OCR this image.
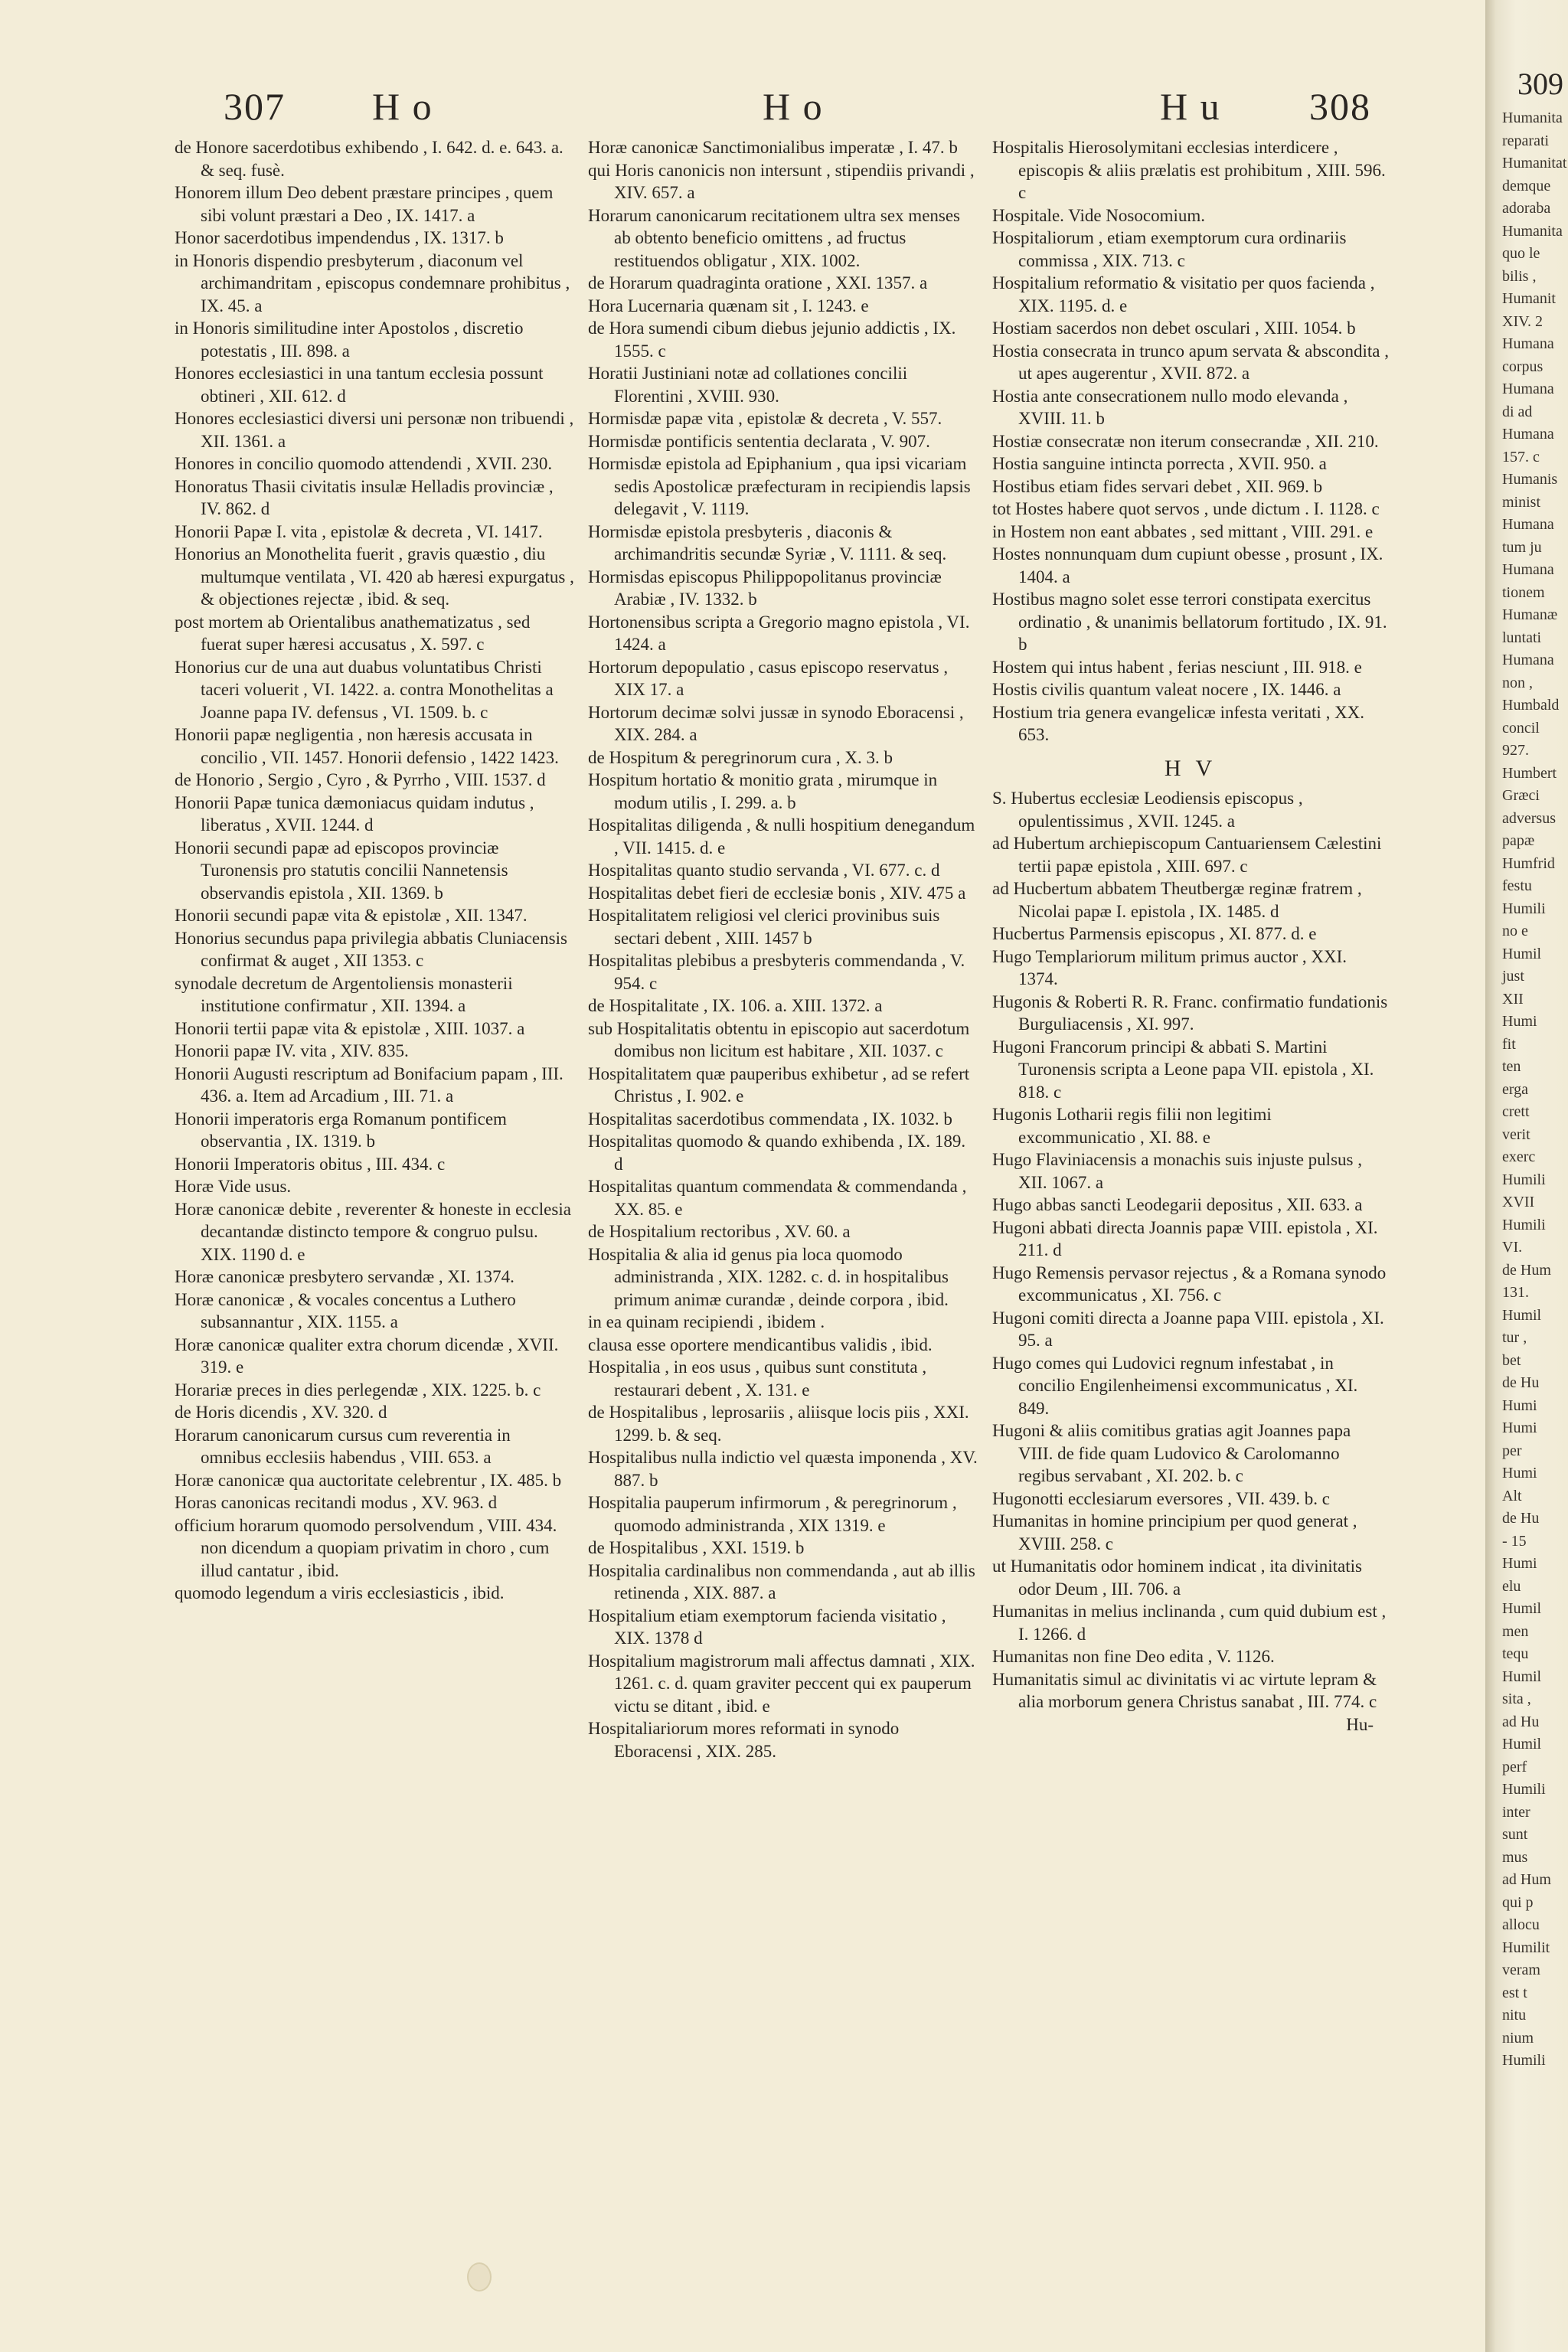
307 H o	H o	H u 308
de Honore sacerdotibus exhibendo , I. 642. d. e. 643. a. & seq. fusè.
Honorem illum Deo debent præstare principes , quem sibi volunt præstari a Deo , IX. 1417. a
Honor sacerdotibus impendendus , IX. 1317. b
in Honoris dispendio presbyterum , diaconum vel archimandritam , episcopus condemnare prohibitus , IX. 45. a
in Honoris similitudine inter Apostolos , discretio potestatis , III. 898. a
Honores ecclesiastici in una tantum ecclesia possunt obtineri , XII. 612. d
Honores ecclesiastici diversi uni personæ non tribuendi , XII. 1361. a
Honores in concilio quomodo attendendi , XVII. 230.
Honoratus Thasii civitatis insulæ Helladis provinciæ , IV. 862. d
Honorii Papæ I. vita , epistolæ & decreta , VI. 1417.
Honorius an Monothelita fuerit , gravis quæstio , diu multumque ventilata , VI. 420 ab hæresi expurgatus , & objectiones rejectæ , ibid. & seq.
post mortem ab Orientalibus anathematizatus , sed fuerat super hæresi accusatus , X. 597. c
Honorius cur de una aut duabus voluntatibus Christi taceri voluerit , VI. 1422. a. contra Monothelitas a Joanne papa IV. defensus , VI. 1509. b. c
Honorii papæ negligentia , non hæresis accusata in concilio , VII. 1457. Honorii defensio , 1422 1423.
de Honorio , Sergio , Cyro , & Pyrrho , VIII. 1537. d
Honorii Papæ tunica dæmoniacus quidam indutus , liberatus , XVII. 1244. d
Honorii secundi papæ ad episcopos provinciæ Turonensis pro statutis concilii Nannetensis observandis epistola , XII. 1369. b
Honorii secundi papæ vita & epistolæ , XII. 1347.
Honorius secundus papa privilegia abbatis Cluniacensis confirmat & auget , XII 1353. c
synodale decretum de Argentoliensis monasterii institutione confirmatur , XII. 1394. a
Honorii tertii papæ vita & epistolæ , XIII. 1037. a
Honorii papæ IV. vita , XIV. 835.
Honorii Augusti rescriptum ad Bonifacium papam , III. 436. a. Item ad Arcadium , III. 71. a
Honorii imperatoris erga Romanum pontificem observantia , IX. 1319. b
Honorii Imperatoris obitus , III. 434. c
Horæ Vide usus.
Horæ canonicæ debite , reverenter & honeste in ecclesia decantandæ distincto tempore & congruo pulsu. XIX. 1190 d. e
Horæ canonicæ presbytero servandæ , XI. 1374.
Horæ canonicæ , & vocales concentus a Luthero subsannantur , XIX. 1155. a
Horæ canonicæ qualiter extra chorum dicendæ , XVII. 319. e
Horariæ preces in dies perlegendæ , XIX. 1225. b. c
de Horis dicendis , XV. 320. d
Horarum canonicarum cursus cum reverentia in omnibus ecclesiis habendus , VIII. 653. a
Horæ canonicæ qua auctoritate celebrentur , IX. 485. b
Horas canonicas recitandi modus , XV. 963. d
officium horarum quomodo persolvendum , VIII. 434. non dicendum a quopiam privatim in choro , cum illud cantatur , ibid.
quomodo legendum a viris ecclesiasticis , ibid.
Horæ canonicæ Sanctimonialibus imperatæ , I. 47. b
qui Horis canonicis non intersunt , stipendiis privandi , XIV. 657. a
Horarum canonicarum recitationem ultra sex menses ab obtento beneficio omittens , ad fructus restituendos obligatur , XIX. 1002.
de Horarum quadraginta oratione , XXI. 1357. a
Hora Lucernaria quænam sit , I. 1243. e
de Hora sumendi cibum diebus jejunio addictis , IX. 1555. c
Horatii Justiniani notæ ad collationes concilii Florentini , XVIII. 930.
Hormisdæ papæ vita , epistolæ & decreta , V. 557.
Hormisdæ pontificis sententia declarata , V. 907.
Hormisdæ epistola ad Epiphanium , qua ipsi vicariam sedis Apostolicæ præfecturam in recipiendis lapsis delegavit , V. 1119.
Hormisdæ epistola presbyteris , diaconis & archimandritis secundæ Syriæ , V. 1111. & seq.
Hormisdas episcopus Philippopolitanus provinciæ Arabiæ , IV. 1332. b
Hortonensibus scripta a Gregorio magno epistola , VI. 1424. a
Hortorum depopulatio , casus episcopo reservatus , XIX 17. a
Hortorum decimæ solvi jussæ in synodo Eboracensi , XIX. 284. a
de Hospitum & peregrinorum cura , X. 3. b
Hospitum hortatio & monitio grata , mirumque in modum utilis , I. 299. a. b
Hospitalitas diligenda , & nulli hospitium denegandum , VII. 1415. d. e
Hospitalitas quanto studio servanda , VI. 677. c. d
Hospitalitas debet fieri de ecclesiæ bonis , XIV. 475 a
Hospitalitatem religiosi vel clerici provinibus suis sectari debent , XIII. 1457 b
Hospitalitas plebibus a presbyteris commendanda , V. 954. c
de Hospitalitate , IX. 106. a. XIII. 1372. a
sub Hospitalitatis obtentu in episcopio aut sacerdotum domibus non licitum est habitare , XII. 1037. c
Hospitalitatem quæ pauperibus exhibetur , ad se refert Christus , I. 902. e
Hospitalitas sacerdotibus commendata , IX. 1032. b
Hospitalitas quomodo & quando exhibenda , IX. 189. d
Hospitalitas quantum commendata & commendanda , XX. 85. e
de Hospitalium rectoribus , XV. 60. a
Hospitalia & alia id genus pia loca quomodo administranda , XIX. 1282. c. d. in hospitalibus primum animæ curandæ , deinde corpora , ibid.
in ea quinam recipiendi , ibidem .
clausa esse oportere mendicantibus validis , ibid.
Hospitalia , in eos usus , quibus sunt constituta , restaurari debent , X. 131. e
de Hospitalibus , leprosariis , aliisque locis piis , XXI. 1299. b. & seq.
Hospitalibus nulla indictio vel quæsta imponenda , XV. 887. b
Hospitalia pauperum infirmorum , & peregrinorum , quomodo administranda , XIX 1319. e
de Hospitalibus , XXI. 1519. b
Hospitalia cardinalibus non commendanda , aut ab illis retinenda , XIX. 887. a
Hospitalium etiam exemptorum facienda visitatio , XIX. 1378 d
Hospitalium magistrorum mali affectus damnati , XIX. 1261. c. d. quam graviter peccent qui ex pauperum victu se ditant , ibid. e
Hospitaliariorum mores reformati in synodo Eboracensi , XIX. 285.
Hospitalis Hierosolymitani ecclesias interdicere , episcopis & aliis prælatis est prohibitum , XIII. 596. c
Hospitale. Vide Nosocomium.
Hospitaliorum , etiam exemptorum cura ordinariis commissa , XIX. 713. c
Hospitalium reformatio & visitatio per quos facienda , XIX. 1195. d. e
Hostiam sacerdos non debet osculari , XIII. 1054. b
Hostia consecrata in trunco apum servata & abscondita , ut apes augerentur , XVII. 872. a
Hostia ante consecrationem nullo modo elevanda , XVIII. 11. b
Hostiæ consecratæ non iterum consecrandæ , XII. 210.
Hostia sanguine intincta porrecta , XVII. 950. a
Hostibus etiam fides servari debet , XII. 969. b
tot Hostes habere quot servos , unde dictum . I. 1128. c
in Hostem non eant abbates , sed mittant , VIII. 291. e
Hostes nonnunquam dum cupiunt obesse , prosunt , IX. 1404. a
Hostibus magno solet esse terrori constipata exercitus ordinatio , & unanimis bellatorum fortitudo , IX. 91. b
Hostem qui intus habent , ferias nesciunt , III. 918. e
Hostis civilis quantum valeat nocere , IX. 1446. a
Hostium tria genera evangelicæ infesta veritati , XX. 653.
H V
S. Hubertus ecclesiæ Leodiensis episcopus , opulentissimus , XVII. 1245. a
ad Hubertum archiepiscopum Cantuariensem Cælestini tertii papæ epistola , XIII. 697. c
ad Hucbertum abbatem Theutbergæ reginæ fratrem , Nicolai papæ I. epistola , IX. 1485. d
Hucbertus Parmensis episcopus , XI. 877. d. e
Hugo Templariorum militum primus auctor , XXI. 1374.
Hugonis & Roberti R. R. Franc. confirmatio fundationis Burguliacensis , XI. 997.
Hugoni Francorum principi & abbati S. Martini Turonensis scripta a Leone papa VII. epistola , XI. 818. c
Hugonis Lotharii regis filii non legitimi excommunicatio , XI. 88. e
Hugo Flaviniacensis a monachis suis injuste pulsus , XII. 1067. a
Hugo abbas sancti Leodegarii depositus , XII. 633. a
Hugoni abbati directa Joannis papæ VIII. epistola , XI. 211. d
Hugo Remensis pervasor rejectus , & a Romana synodo excommunicatus , XI. 756. c
Hugoni comiti directa a Joanne papa VIII. epistola , XI. 95. a
Hugo comes qui Ludovici regnum infestabat , in concilio Engilenheimensi excommunicatus , XI. 849.
Hugoni & aliis comitibus gratias agit Joannes papa VIII. de fide quam Ludovico & Carolomanno regibus servabant , XI. 202. b. c
Hugonotti ecclesiarum eversores , VII. 439. b. c
Humanitas in homine principium per quod generat , XVIII. 258. c
ut Humanitatis odor hominem indicat , ita divinitatis odor Deum , III. 706. a
Humanitas in melius inclinanda , cum quid dubium est , I. 1266. d
Humanitas non fine Deo edita , V. 1126.
Humanitatis simul ac divinitatis vi ac virtute lepram & alia morborum genera Christus sanabat , III. 774. c
Hu-
309
Humanita
reparati
Humanitat
demque
adoraba
Humanita
quo le
bilis ,
Humanit
XIV. 2
Humana
corpus
Humana
di ad
Humana
157. c
Humanis
minist
Humana
tum ju
Humana
tionem
Humanæ
luntati
Humana
non ,
Humbald
concil
927.
Humbert
Græci
adversus
papæ
Humfrid
festu
Humili
no e
Humil
just
XII
Humi
fit
ten
erga
crett
verit
exerc
Humili
XVII
Humili
VI.
de Hum
131.
Humil
tur ,
bet
de Hu
Humi
Humi
per
Humi
Alt
de Hu
- 15
Humi
elu
Humil
men
tequ
Humil
sita ,
ad Hu
Humil
perf
Humili
inter
sunt
mus
ad Hum
qui p
allocu
Humilit
veram
est t
nitu
nium
Humili
